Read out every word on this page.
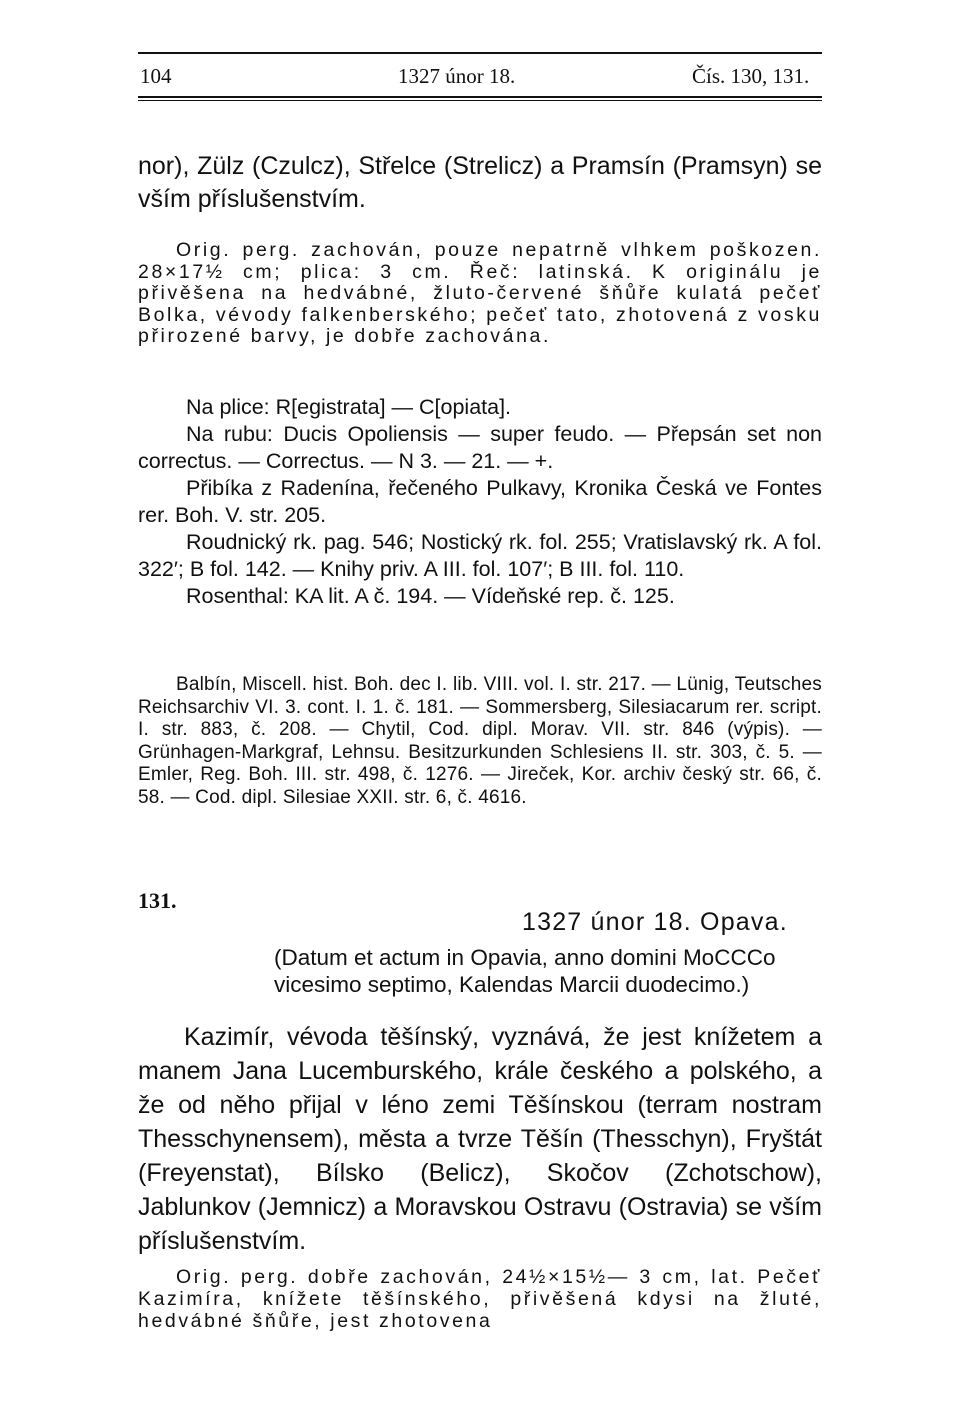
104	1327 únor 18.	Čís. 130, 131.
nor), Zülz (Czulcz), Střelce (Strelicz) a Pramsín (Pramsyn) se vším příslušenstvím.
Orig. perg. zachován, pouze nepatrně vlhkem poškozen. 28×17½ cm; plica: 3 cm. Řeč: latinská. K originálu je přivěšena na hedvábné, žluto-červené šňůře kulatá pečeť Bolka, vévody falkenberského; pečeť tato, zhotovená z vosku přirozené barvy, je dobře zachována.

Na plice: R[egistrata] — C[opiata].

Na rubu: Ducis Opoliensis — super feudo. — Přepsán set non correctus. — Correctus. — N 3. — 21. — +.

Přibíka z Radenína, řečeného Pulkavy, Kronika Česká ve Fontes rer. Boh. V. str. 205.

Roudnický rk. pag. 546; Nostický rk. fol. 255; Vratislavský rk. A fol. 322′; B fol. 142. — Knihy priv. A III. fol. 107′; B III. fol. 110.

Rosenthal: KA lit. A č. 194. — Vídeňské rep. č. 125.

Balbín, Miscell. hist. Boh. dec I. lib. VIII. vol. I. str. 217. — Lünig, Teutsches Reichsarchiv VI. 3. cont. I. 1. č. 181. — Sommersberg, Silesiacarum rer. script. I. str. 883, č. 208. — Chytil, Cod. dipl. Morav. VII. str. 846 (výpis). — Grünhagen-Markgraf, Lehnsu. Besitzurkunden Schlesiens II. str. 303, č. 5. — Emler, Reg. Boh. III. str. 498, č. 1276. — Jireček, Kor. archiv český str. 66, č. 58. — Cod. dipl. Silesiae XXII. str. 6, č. 4616.
131.
1327 únor 18. Opava.

(Datum et actum in Opavia, anno domini MoCCCo

vicesimo septimo, Kalendas Marcii duodecimo.)

Kazimír, vévoda těšínský, vyznává, že jest knížetem a manem Jana Lucemburského, krále českého a polského, a že od něho přijal v léno zemi Těšínskou (terram nostram Thesschynensem), města a tvrze Těšín (Thesschyn), Fryštát (Freyenstat), Bílsko (Belicz), Skočov (Zchotschow), Jablunkov (Jemnicz) a Moravskou Ostravu (Ostravia) se vším příslušenstvím.

Orig. perg. dobře zachován, 24½×15½— 3 cm, lat. Pečeť Kazimíra, knížete těšínského, přivěšená kdysi na žluté, hedvábné šňůře, jest zhotovena
